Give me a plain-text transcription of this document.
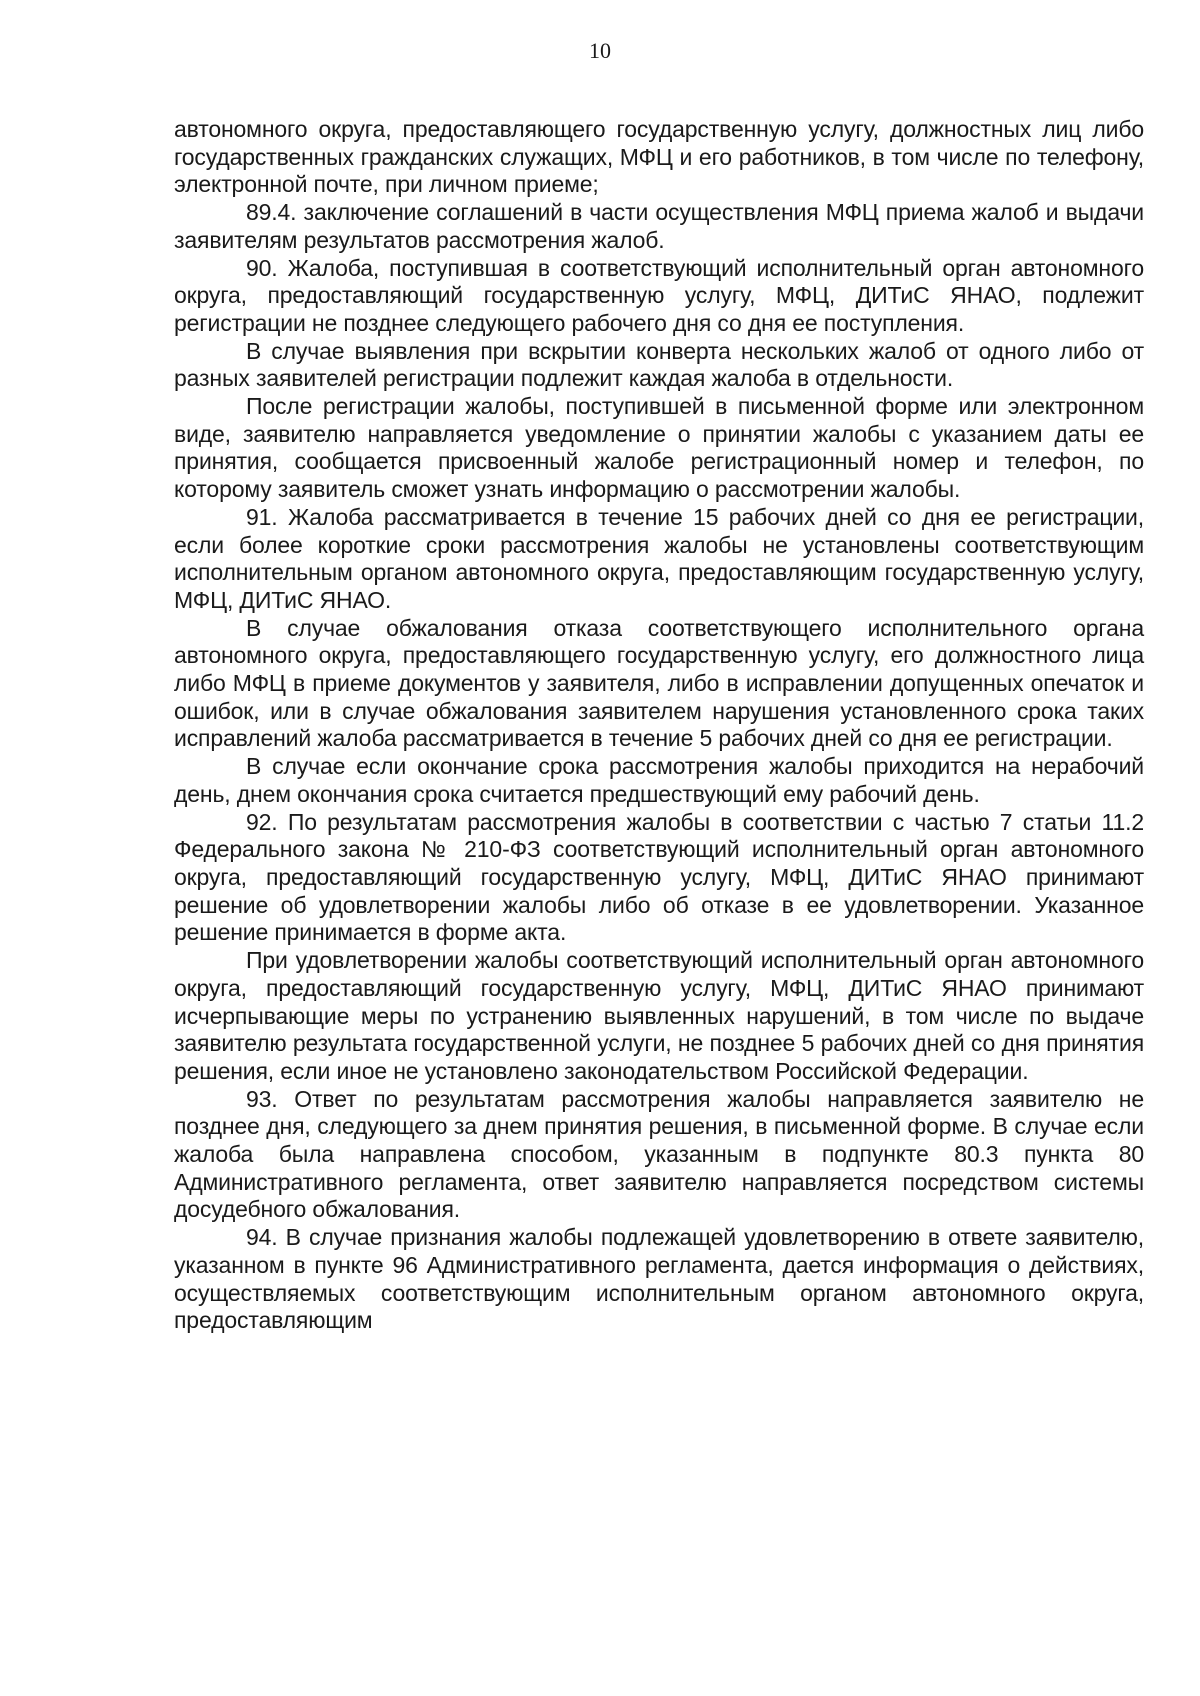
10

автономного округа, предоставляющего государственную услугу, должностных лиц либо государственных гражданских служащих, МФЦ и его работников, в том числе по телефону, электронной почте, при личном приеме;

89.4. заключение соглашений в части осуществления МФЦ приема жалоб и выдачи заявителям результатов рассмотрения жалоб.

90. Жалоба, поступившая в соответствующий исполнительный орган автономного округа, предоставляющий государственную услугу, МФЦ, ДИТиС ЯНАО, подлежит регистрации не позднее следующего рабочего дня со дня ее поступления.

В случае выявления при вскрытии конверта нескольких жалоб от одного либо от разных заявителей регистрации подлежит каждая жалоба в отдельности.

После регистрации жалобы, поступившей в письменной форме или электронном виде, заявителю направляется уведомление о принятии жалобы с указанием даты ее принятия, сообщается присвоенный жалобе регистрационный номер и телефон, по которому заявитель сможет узнать информацию о рассмотрении жалобы.

91. Жалоба рассматривается в течение 15 рабочих дней со дня ее регистрации, если более короткие сроки рассмотрения жалобы не установлены соответствующим исполнительным органом автономного округа, предоставляющим государственную услугу, МФЦ, ДИТиС ЯНАО.

В случае обжалования отказа соответствующего исполнительного органа автономного округа, предоставляющего государственную услугу, его должностного лица либо МФЦ в приеме документов у заявителя, либо в исправлении допущенных опечаток и ошибок, или в случае обжалования заявителем нарушения установленного срока таких исправлений жалоба рассматривается в течение 5 рабочих дней со дня ее регистрации.

В случае если окончание срока рассмотрения жалобы приходится на нерабочий день, днем окончания срока считается предшествующий ему рабочий день.

92. По результатам рассмотрения жалобы в соответствии с частью 7 статьи 11.2 Федерального закона № 210-ФЗ соответствующий исполнительный орган автономного округа, предоставляющий государственную услугу, МФЦ, ДИТиС ЯНАО принимают решение об удовлетворении жалобы либо об отказе в ее удовлетворении. Указанное решение принимается в форме акта.

При удовлетворении жалобы соответствующий исполнительный орган автономного округа, предоставляющий государственную услугу, МФЦ, ДИТиС ЯНАО принимают исчерпывающие меры по устранению выявленных нарушений, в том числе по выдаче заявителю результата государственной услуги, не позднее 5 рабочих дней со дня принятия решения, если иное не установлено законодательством Российской Федерации.

93. Ответ по результатам рассмотрения жалобы направляется заявителю не позднее дня, следующего за днем принятия решения, в письменной форме. В случае если жалоба была направлена способом, указанным в подпункте 80.3 пункта 80 Административного регламента, ответ заявителю направляется посредством системы досудебного обжалования.

94. В случае признания жалобы подлежащей удовлетворению в ответе заявителю, указанном в пункте 96 Административного регламента, дается информация о действиях, осуществляемых соответствующим исполнительным органом автономного округа, предоставляющим
